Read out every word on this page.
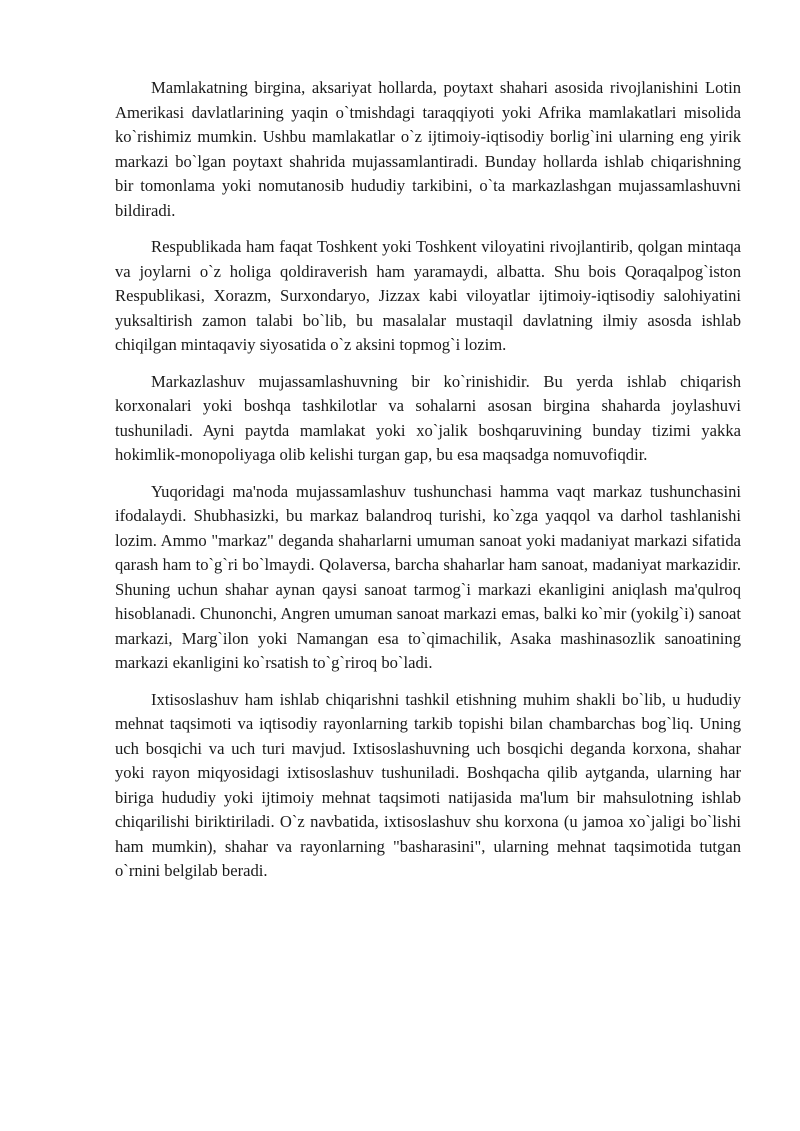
Mamlakatning birgina, aksariyat hollarda, poytaxt shahari asosida rivojlanishini Lotin Amerikasi davlatlarining yaqin o`tmishdagi taraqqiyoti yoki Afrika mamlakatlari misolida ko`rishimiz mumkin. Ushbu mamlakatlar o`z ijtimoiy-iqtisodiy borlig`ini ularning eng yirik markazi bo`lgan poytaxt shahrida mujassamlantiradi. Bunday hollarda ishlab chiqarishning bir tomonlama yoki nomutanosib hududiy tarkibini, o`ta markazlashgan mujassamlashuvni bildiradi.

Respublikada ham faqat Toshkent yoki Toshkent viloyatini rivojlantirib, qolgan mintaqa va joylarni o`z holiga qoldiraverish ham yaramaydi, albatta. Shu bois Qoraqalpog`iston Respublikasi, Xorazm, Surxondaryo, Jizzax kabi viloyatlar ijtimoiy-iqtisodiy salohiyatini yuksaltirish zamon talabi bo`lib, bu masalalar mustaqil davlatning ilmiy asosda ishlab chiqilgan mintaqaviy siyosatida o`z aksini topmog`i lozim.

Markazlashuv mujassamlashuvning bir ko`rinishidir. Bu yerda ishlab chiqarish korxonalari yoki boshqa tashkilotlar va sohalarni asosan birgina shaharda joylashuvi tushuniladi. Ayni paytda mamlakat yoki xo`jalik boshqaruvining bunday tizimi yakka hokimlik-monopoliyaga olib kelishi turgan gap, bu esa maqsadga nomuvofiqdir.

Yuqoridagi ma'noda mujassamlashuv tushunchasi hamma vaqt markaz tushunchasini ifodalaydi. Shubhasizki, bu markaz balandroq turishi, ko`zga yaqqol va darhol tashlanishi lozim. Ammo "markaz" deganda shaharlarni umuman sanoat yoki madaniyat markazi sifatida qarash ham to`g`ri bo`lmaydi. Qolaversa, barcha shaharlar ham sanoat, madaniyat markazidir. Shuning uchun shahar aynan qaysi sanoat tarmog`i markazi ekanligini aniqlash ma'qulroq hisoblanadi. Chunonchi, Angren umuman sanoat markazi emas, balki ko`mir (yokilg`i) sanoat markazi, Marg`ilon yoki Namangan esa to`qimachilik, Asaka mashinasozlik sanoatining markazi ekanligini ko`rsatish to`g`riroq bo`ladi.

Ixtisoslashuv ham ishlab chiqarishni tashkil etishning muhim shakli bo`lib, u hududiy mehnat taqsimoti va iqtisodiy rayonlarning tarkib topishi bilan chambarchas bog`liq. Uning uch bosqichi va uch turi mavjud. Ixtisoslashuvning uch bosqichi deganda korxona, shahar yoki rayon miqyosidagi ixtisoslashuv tushuniladi. Boshqacha qilib aytganda, ularning har biriga hududiy yoki ijtimoiy mehnat taqsimoti natijasida ma'lum bir mahsulotning ishlab chiqarilishi biriktiriladi. O`z navbatida, ixtisoslashuv shu korxona (u jamoa xo`jaligi bo`lishi ham mumkin), shahar va rayonlarning "basharasini", ularning mehnat taqsimotida tutgan o`rnini belgilab beradi.
